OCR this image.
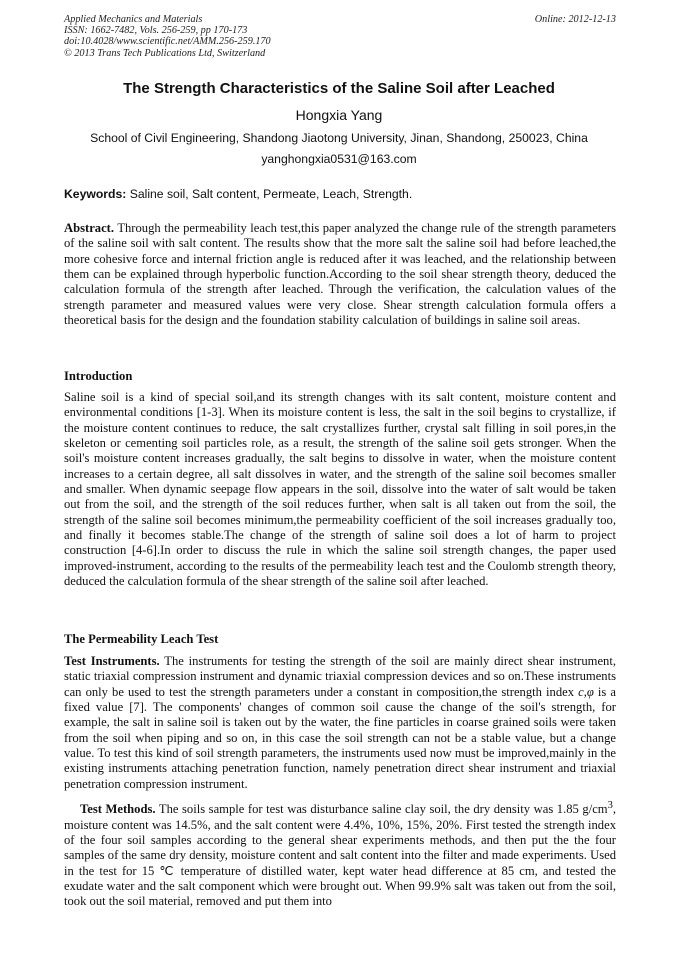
Applied Mechanics and Materials
ISSN: 1662-7482, Vols. 256-259, pp 170-173
doi:10.4028/www.scientific.net/AMM.256-259.170
© 2013 Trans Tech Publications Ltd, Switzerland
Online: 2012-12-13
The Strength Characteristics of the Saline Soil after Leached
Hongxia Yang
School of Civil Engineering, Shandong Jiaotong University, Jinan, Shandong, 250023, China
yanghongxia0531@163.com
Keywords: Saline soil, Salt content, Permeate, Leach, Strength.
Abstract. Through the permeability leach test,this paper analyzed the change rule of the strength parameters of the saline soil with salt content. The results show that the more salt the saline soil had before leached,the more cohesive force and internal friction angle is reduced after it was leached, and the relationship between them can be explained through hyperbolic function.According to the soil shear strength theory, deduced the calculation formula of the strength after leached. Through the verification, the calculation values of the strength parameter and measured values were very close. Shear strength calculation formula offers a theoretical basis for the design and the foundation stability calculation of buildings in saline soil areas.
Introduction
Saline soil is a kind of special soil,and its strength changes with its salt content, moisture content and environmental conditions [1-3]. When its moisture content is less, the salt in the soil begins to crystallize, if the moisture content continues to reduce, the salt crystallizes further, crystal salt filling in soil pores,in the skeleton or cementing soil particles role, as a result, the strength of the saline soil gets stronger. When the soil's moisture content increases gradually, the salt begins to dissolve in water, when the moisture content increases to a certain degree, all salt dissolves in water, and the strength of the saline soil becomes smaller and smaller. When dynamic seepage flow appears in the soil, dissolve into the water of salt would be taken out from the soil, and the strength of the soil reduces further, when salt is all taken out from the soil, the strength of the saline soil becomes minimum,the permeability coefficient of the soil increases gradually too, and finally it becomes stable.The change of the strength of saline soil does a lot of harm to project construction [4-6].In order to discuss the rule in which the saline soil strength changes, the paper used improved-instrument, according to the results of the permeability leach test and the Coulomb strength theory, deduced the calculation formula of the shear strength of the saline soil after leached.
The Permeability Leach Test
Test Instruments. The instruments for testing the strength of the soil are mainly direct shear instrument, static triaxial compression instrument and dynamic triaxial compression devices and so on.These instruments can only be used to test the strength parameters under a constant in composition,the strength index c,φ is a fixed value [7]. The components' changes of common soil cause the change of the soil's strength, for example, the salt in saline soil is taken out by the water, the fine particles in coarse grained soils were taken from the soil when piping and so on, in this case the soil strength can not be a stable value, but a change value. To test this kind of soil strength parameters, the instruments used now must be improved,mainly in the existing instruments attaching penetration function, namely penetration direct shear instrument and triaxial penetration compression instrument.
Test Methods. The soils sample for test was disturbance saline clay soil, the dry density was 1.85 $g/cm^3$, moisture content was 14.5%, and the salt content were 4.4%, 10%, 15%, 20%. First tested the strength index of the four soil samples according to the general shear experiments methods, and then put the the four samples of the same dry density, moisture content and salt content into the filter and made experiments. Used in the test for 15 ℃ temperature of distilled water, kept water head difference at 85 cm, and tested the exudate water and the salt component which were brought out. When 99.9% salt was taken out from the soil, took out the soil material, removed and put them into
